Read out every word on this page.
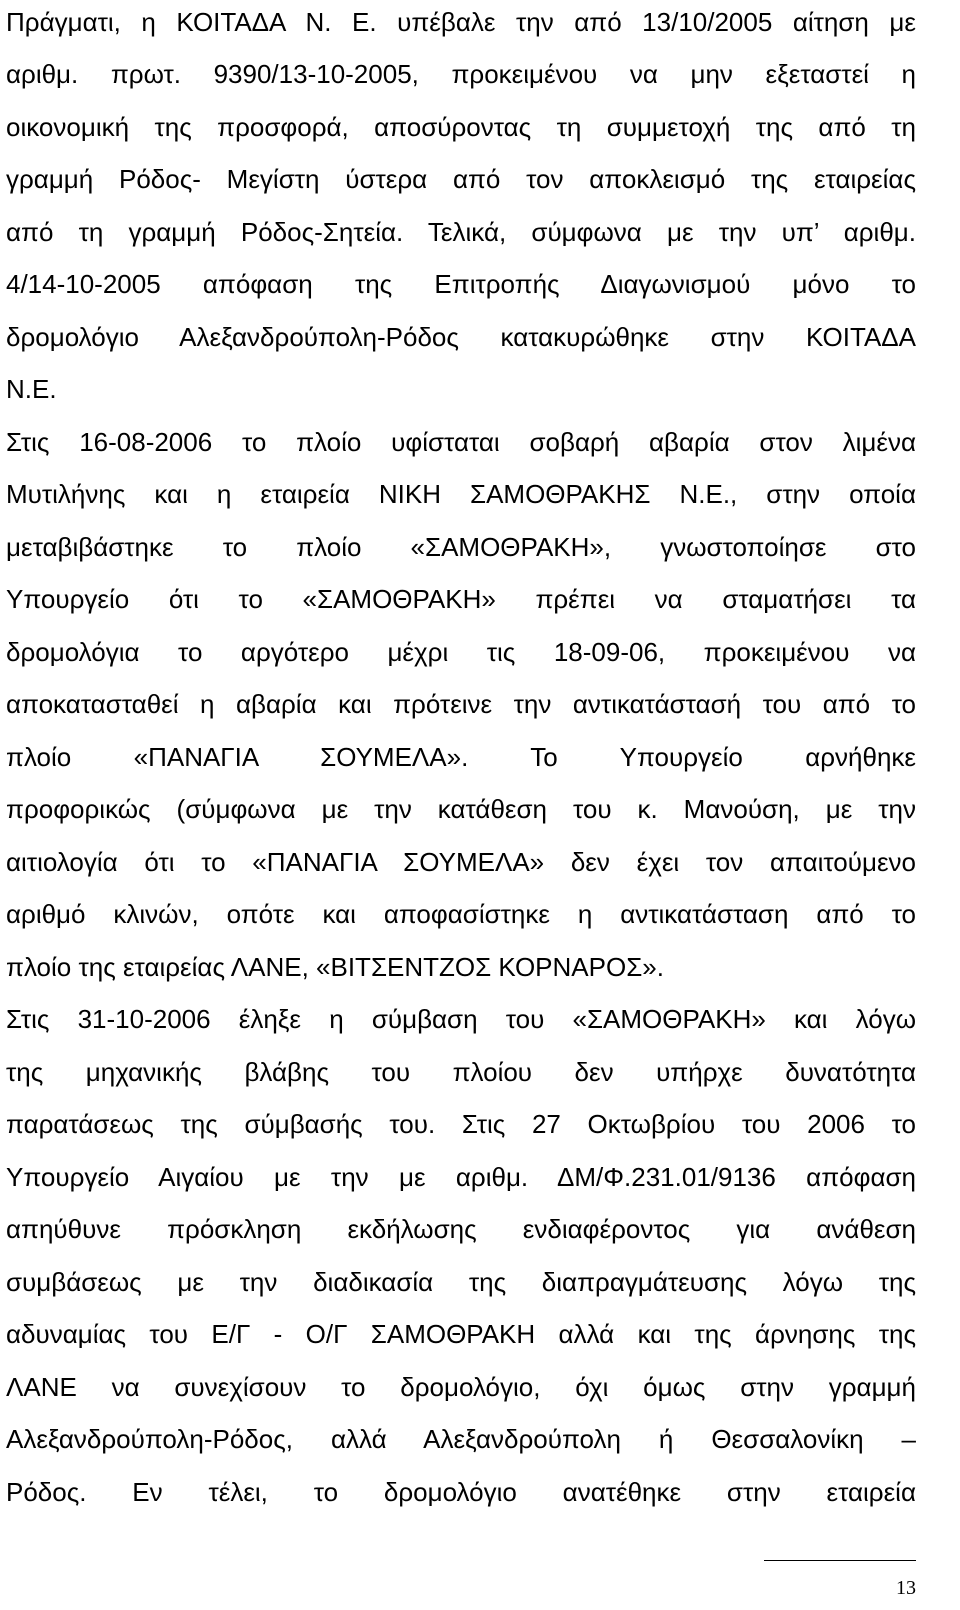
Πράγματι, η ΚΟΙΤΑΔΑ Ν. Ε. υπέβαλε την από 13/10/2005 αίτηση με
αριθμ. πρωτ. 9390/13-10-2005, προκειμένου να μην εξεταστεί η
οικονομική της προσφορά, αποσύροντας τη συμμετοχή της από τη
γραμμή Ρόδος- Μεγίστη ύστερα από τον αποκλεισμό της εταιρείας
από τη γραμμή Ρόδος-Σητεία. Τελικά, σύμφωνα με την υπ’ αριθμ.
4/14-10-2005 απόφαση της Επιτροπής Διαγωνισμού μόνο το
δρομολόγιο Αλεξανδρούπολη-Ρόδος κατακυρώθηκε στην ΚΟΙΤΑΔΑ
Ν.Ε.
Στις 16-08-2006 το πλοίο υφίσταται σοβαρή αβαρία στον λιμένα
Μυτιλήνης και η εταιρεία ΝΙΚΗ ΣΑΜΟΘΡΑΚΗΣ Ν.Ε., στην οποία
μεταβιβάστηκε το πλοίο «ΣΑΜΟΘΡΑΚΗ», γνωστοποίησε στο
Υπουργείο ότι το «ΣΑΜΟΘΡΑΚΗ» πρέπει να σταματήσει τα
δρομολόγια το αργότερο μέχρι τις 18-09-06, προκειμένου να
αποκατασταθεί η αβαρία και πρότεινε την αντικατάστασή του από το
πλοίο «ΠΑΝΑΓΙΑ ΣΟΥΜΕΛΑ». Το Υπουργείο αρνήθηκε
προφορικώς (σύμφωνα με την κατάθεση του κ. Μανούση, με την
αιτιολογία ότι το «ΠΑΝΑΓΙΑ ΣΟΥΜΕΛΑ» δεν έχει τον απαιτούμενο
αριθμό κλινών, οπότε και αποφασίστηκε η αντικατάσταση από το
πλοίο της εταιρείας ΛΑΝΕ, «ΒΙΤΣΕΝΤΖΟΣ ΚΟΡΝΑΡΟΣ».
Στις 31-10-2006 έληξε η σύμβαση του «ΣΑΜΟΘΡΑΚΗ» και λόγω
της μηχανικής βλάβης του πλοίου δεν υπήρχε δυνατότητα
παρατάσεως της σύμβασής του. Στις 27 Οκτωβρίου του 2006 το
Υπουργείο Αιγαίου με την με αριθμ. ΔΜ/Φ.231.01/9136 απόφαση
απηύθυνε πρόσκληση εκδήλωσης ενδιαφέροντος για ανάθεση
συμβάσεως με την διαδικασία της διαπραγμάτευσης λόγω της
αδυναμίας του Ε/Γ - Ο/Γ ΣΑΜΟΘΡΑΚΗ αλλά και της άρνησης της
ΛΑΝΕ να συνεχίσουν το δρομολόγιο, όχι όμως στην γραμμή
Αλεξανδρούπολη-Ρόδος, αλλά Αλεξανδρούπολη ή Θεσσαλονίκη –
Ρόδος. Εν τέλει, το δρομολόγιο ανατέθηκε στην εταιρεία
13
